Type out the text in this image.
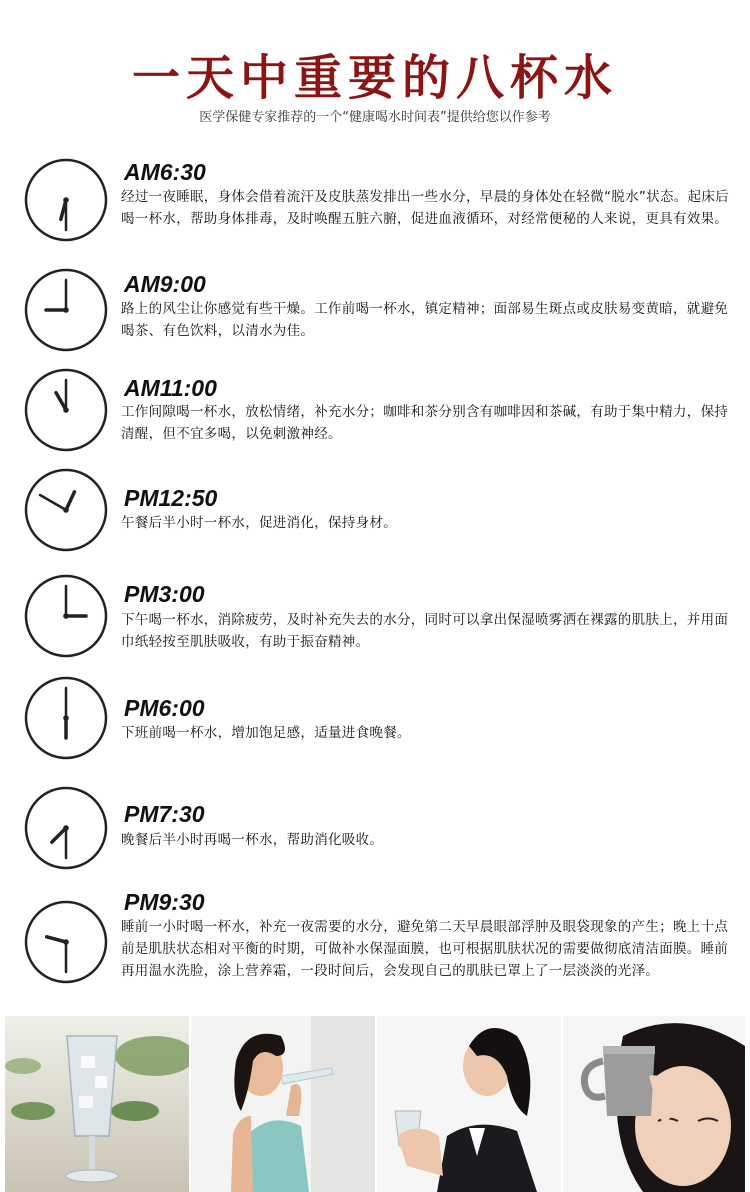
一天中重要的八杯水
医学保健专家推荐的一个“健康喝水时间表”提供给您以作参考
AM6:30
经过一夜睡眠，身体会借着流汗及皮肤蒸发排出一些水分，早晨的身体处在轻微“脱水”状态。起床后喝一杯水，帮助身体排毒，及时唤醒五脏六腑，促进血液循环，对经常便秘的人来说，更具有效果。
AM9:00
路上的风尘让你感觉有些干燥。工作前喝一杯水，镇定精神；面部易生斑点或皮肤易变黄暗，就避免喝茶、有色饮料，以清水为佳。
AM11:00
工作间隙喝一杯水，放松情绪，补充水分；咖啡和茶分别含有咖啡因和茶碱，有助于集中精力，保持清醒，但不宜多喝，以免刺激神经。
PM12:50
午餐后半小时一杯水，促进消化，保持身材。
PM3:00
下午喝一杯水，消除疲劳，及时补充失去的水分，同时可以拿出保湿喷雾洒在裸露的肌肤上，并用面巾纸轻按至肌肤吸收，有助于振奋精神。
PM6:00
下班前喝一杯水，增加饱足感，适量进食晚餐。
PM7:30
晚餐后半小时再喝一杯水，帮助消化吸收。
PM9:30
睡前一小时喝一杯水，补充一夜需要的水分，避免第二天早晨眼部浮肿及眼袋现象的产生；晚上十点前是肌肤状态相对平衡的时期，可做补水保湿面膜，也可根据肌肤状况的需要做彻底清洁面膜。睡前再用温水洗脸，涂上营养霜，一段时间后，会发现自己的肌肤已罩上了一层淡淡的光泽。
